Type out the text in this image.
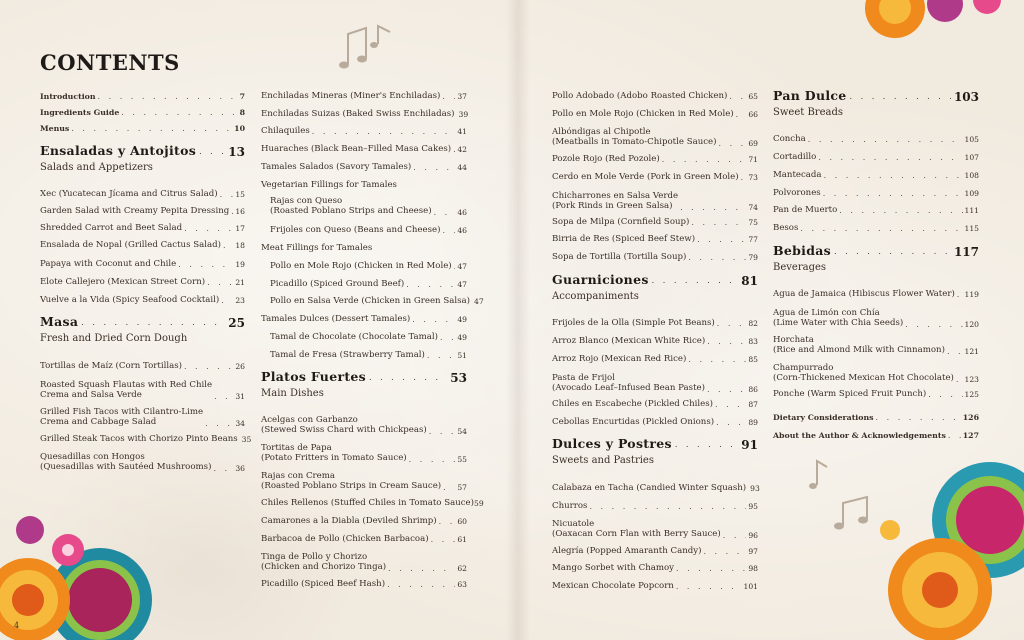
CONTENTS
Introduction . . .	7
Ingredients Guide . . .	8
Menus . . .	10
Ensaladas y Antojitos . . .	13
Salads and Appetizers
Xec (Yucatecan Jícama and Citrus Salad) . . . 15
Garden Salad with Creamy Pepita Dressing . . . 16
Shredded Carrot and Beet Salad . . .	17
Ensalada de Nopal (Grilled Cactus Salad) . . . 18
Papaya with Coconut and Chile . . .	19
Elote Callejero (Mexican Street Corn) . . .	21
Vuelve a la Vida (Spicy Seafood Cocktail) . . . 23
Masa . . .	25
Fresh and Dried Corn Dough
Tortillas de Maíz (Corn Tortillas) . . .	26
Roasted Squash Flautas with Red Chile
Crema and Salsa Verde . . .	31
Grilled Fish Tacos with Cilantro-Lime
Crema and Cabbage Salad . . .	34
Grilled Steak Tacos with Chorizo Pinto Beans 35
Quesadillas con Hongos
(Quesadillas with Sautéed Mushrooms) . . .	36
Enchiladas Mineras (Miner's Enchiladas) . . . 37
Enchiladas Suizas (Baked Swiss Enchiladas) 39
Chilaquiles . . .	41
Huaraches (Black Bean–Filled Masa Cakes) . . . 42
Tamales Salados (Savory Tamales) . . .	44
Vegetarian Fillings for Tamales
Rajas con Queso
(Roasted Poblano Strips and Cheese) . . .	46
Frijoles con Queso (Beans and Cheese) . . . 46
Meat Fillings for Tamales
Pollo en Mole Rojo (Chicken in Red Mole) . . . 47
Picadillo (Spiced Ground Beef) . . .	47
Pollo en Salsa Verde (Chicken in Green Salsa) 47
Tamales Dulces (Dessert Tamales) . . .	49
Tamal de Chocolate (Chocolate Tamal) . . .	49
Tamal de Fresa (Strawberry Tamal) . . .	51
Platos Fuertes . . .	53
Main Dishes
Acelgas con Garbanzo
(Stewed Swiss Chard with Chickpeas) . . .	54
Tortitas de Papa
(Potato Fritters in Tomato Sauce) . . .	55
Rajas con Crema
(Roasted Poblano Strips in Cream Sauce) . . . 57
Chiles Rellenos (Stuffed Chiles in Tomato Sauce) 59
Camarones a la Diabla (Deviled Shrimp) . . .	60
Barbacoa de Pollo (Chicken Barbacoa) . . .	61
Tinga de Pollo y Chorizo
(Chicken and Chorizo Tinga) . . .	62
Picadillo (Spiced Beef Hash) . . .	63
Pollo Adobado (Adobo Roasted Chicken) . . .	65
Pollo en Mole Rojo (Chicken in Red Mole) . . . 66
Albóndigas al Chipotle
(Meatballs in Tomato-Chipotle Sauce) . . .	69
Pozole Rojo (Red Pozole) . . .	71
Cerdo en Mole Verde (Pork in Green Mole) . . . 73
Chicharrones en Salsa Verde
(Pork Rinds in Green Salsa) . . .	74
Sopa de Milpa (Cornfield Soup) . . .	75
Birria de Res (Spiced Beef Stew) . . .	77
Sopa de Tortilla (Tortilla Soup) . . .	79
Guarniciones . . .	81
Accompaniments
Frijoles de la Olla (Simple Pot Beans) . . .	82
Arroz Blanco (Mexican White Rice) . . .	83
Arroz Rojo (Mexican Red Rice) . . .	85
Pasta de Frijol
(Avocado Leaf–Infused Bean Paste) . . .	86
Chiles en Escabeche (Pickled Chiles) . . .	87
Cebollas Encurtidas (Pickled Onions) . . .	89
Dulces y Postres . . .	91
Sweets and Pastries
Calabaza en Tacha (Candied Winter Squash) 93
Churros . . .	95
Nicuatole
(Oaxacan Corn Flan with Berry Sauce) . . .	96
Alegría (Popped Amaranth Candy) . . .	97
Mango Sorbet with Chamoy . . .	98
Mexican Chocolate Popcorn . . .	101
Pan Dulce . . .	103
Sweet Breads
Concha . . .	105
Cortadillo . . .	107
Mantecada . . .	108
Polvorones . . .	109
Pan de Muerto . . .	111
Besos . . .	115
Bebidas . . .	117
Beverages
Agua de Jamaica (Hibiscus Flower Water) . . . 119
Agua de Limón con Chía
(Lime Water with Chia Seeds) . . .	120
Horchata
(Rice and Almond Milk with Cinnamon) . . .	121
Champurrado
(Corn-Thickened Mexican Hot Chocolate) . . . 123
Ponche (Warm Spiced Fruit Punch) . . .	125
Dietary Considerations . . .	126
About the Author & Acknowledgements . . . 127
4
